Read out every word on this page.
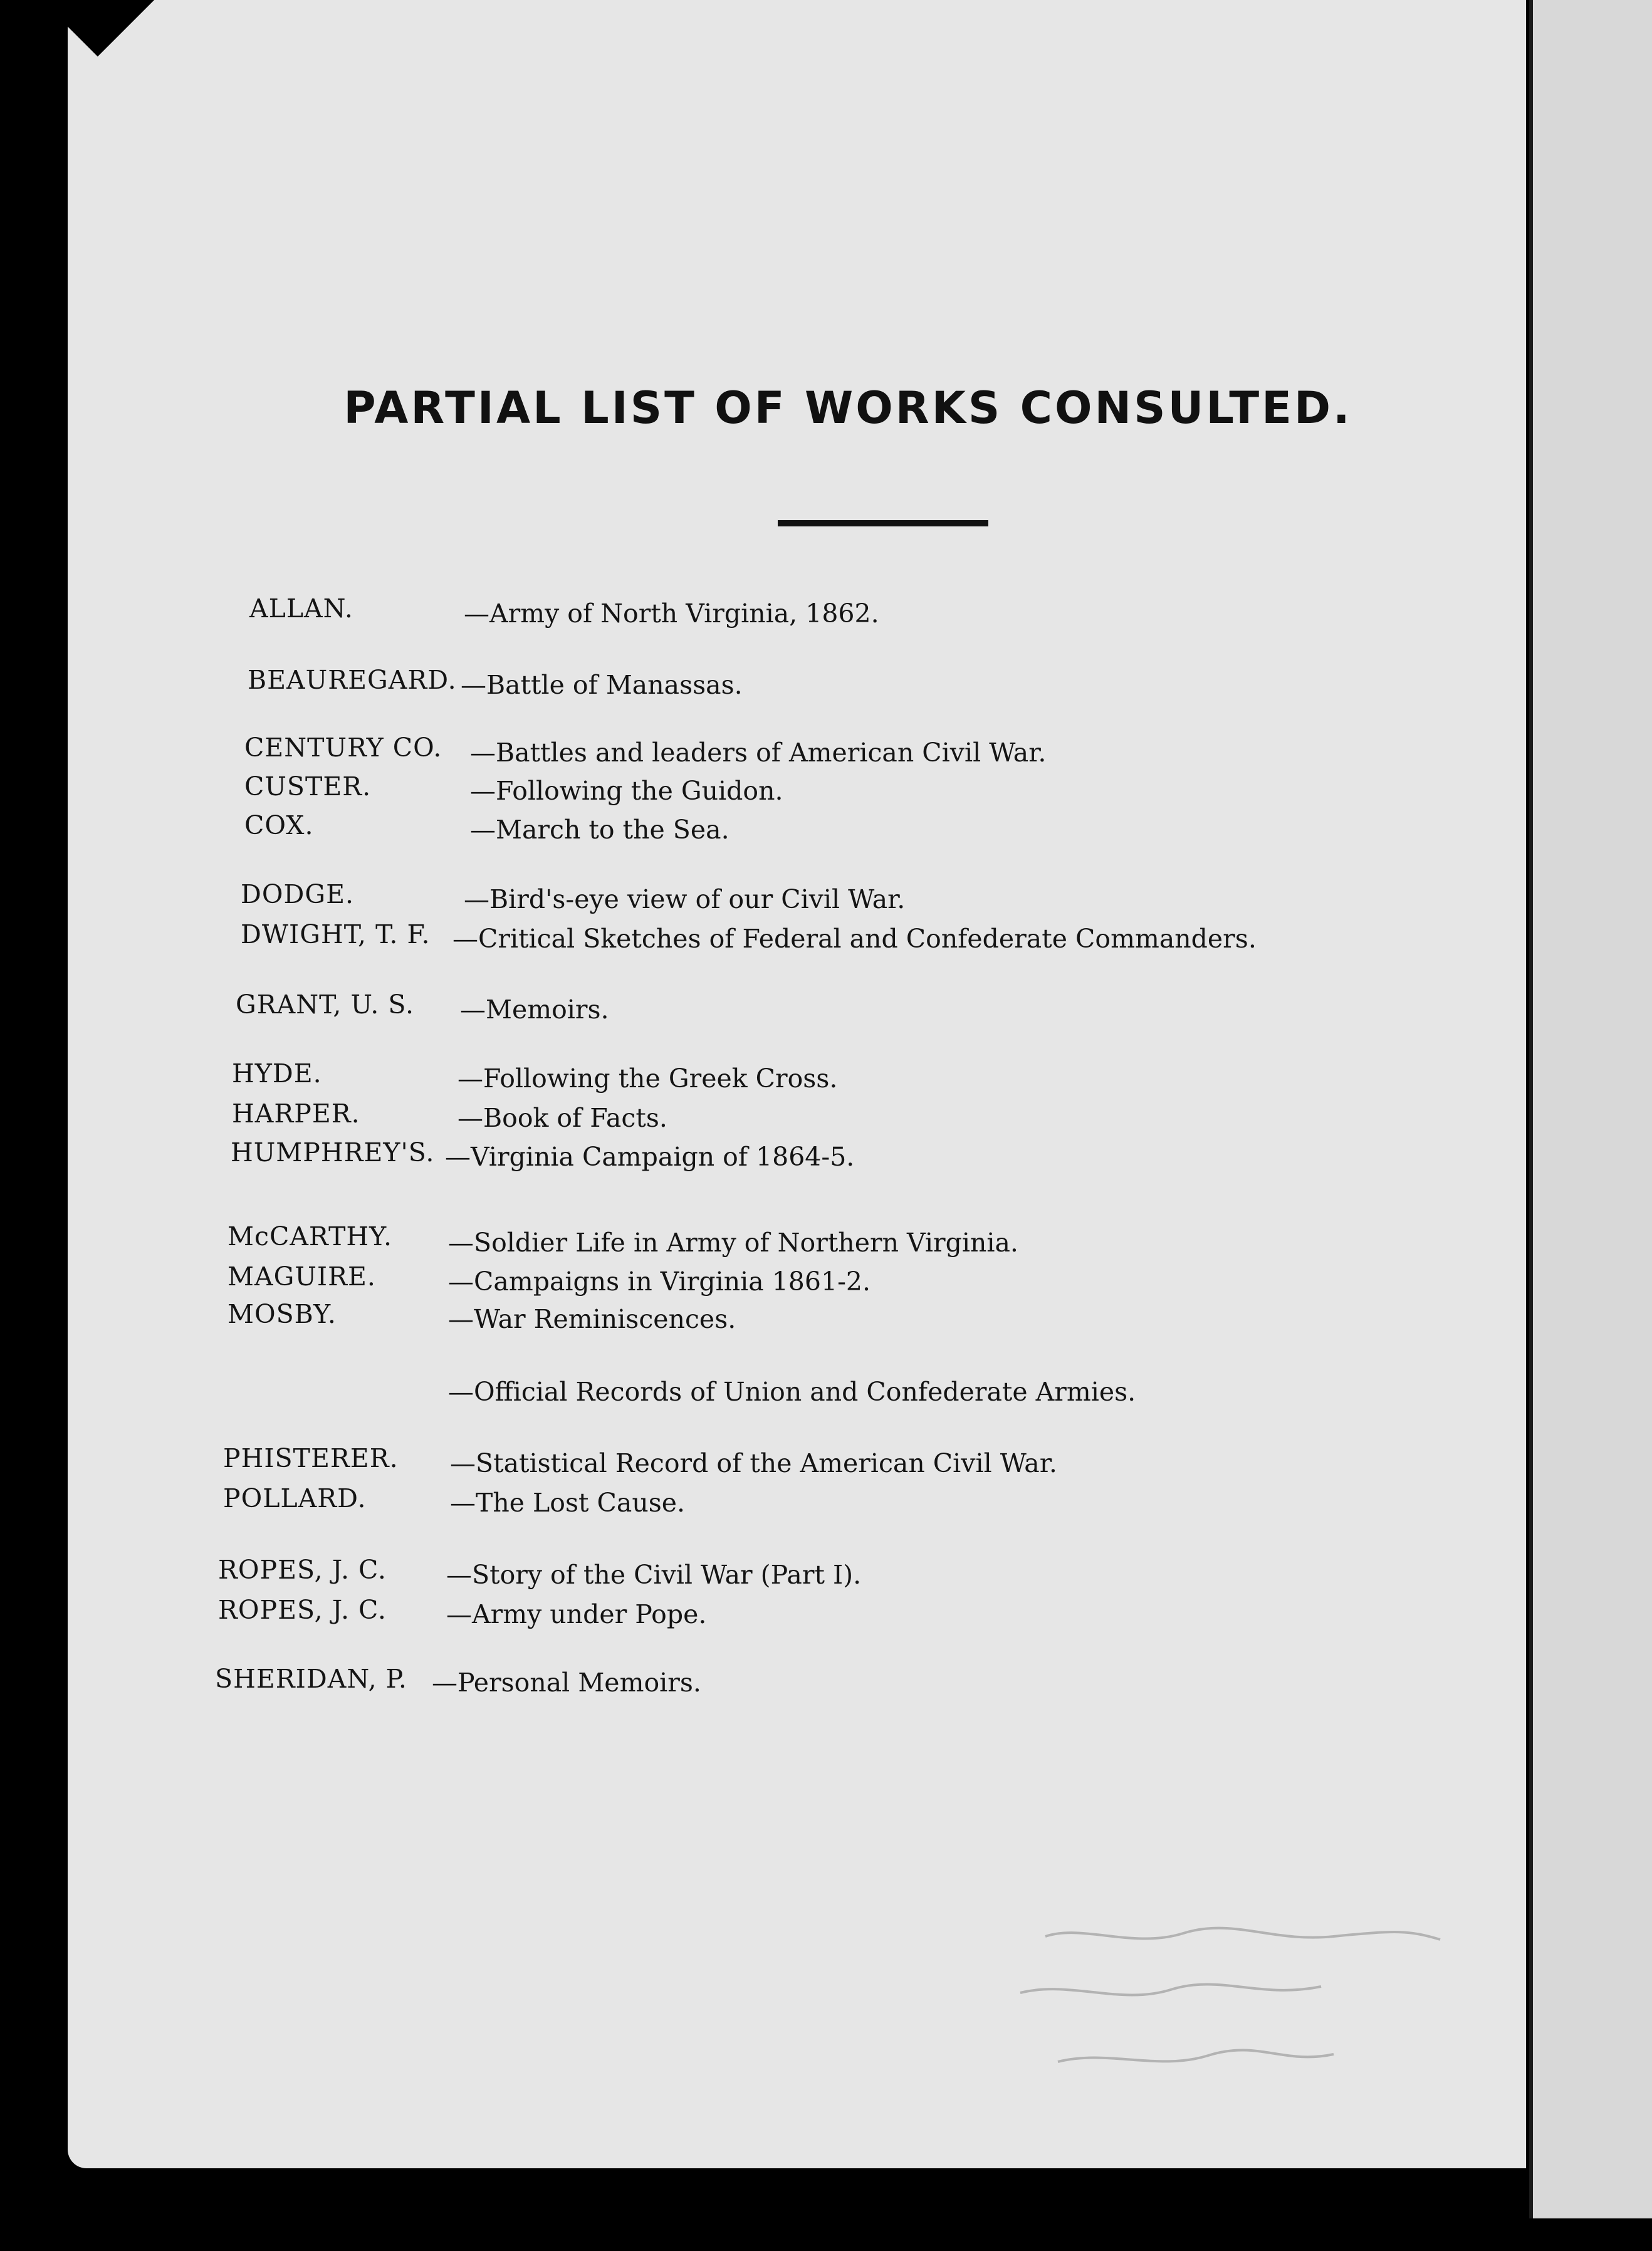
PARTIAL LIST OF WORKS CONSULTED.
ALLAN.	—Army of North Virginia, 1862.
BEAUREGARD. —Battle of Manassas.
CENTURY CO. —Battles and leaders of American Civil War.
CUSTER.	—Following the Guidon.
COX.	—March to the Sea.
DODGE.	—Bird's-eye view of our Civil War.
DWIGHT, T. F. —Critical Sketches of Federal and Confederate Commanders.
GRANT, U. S. —Memoirs.
HYDE.	—Following the Greek Cross.
HARPER.	—Book of Facts.
HUMPHREY'S. —Virginia Campaign of 1864-5.
McCARTHY. —Soldier Life in Army of Northern Virginia.
MAGUIRE.	—Campaigns in Virginia 1861-2.
MOSBY.	—War Reminiscences.
—Official Records of Union and Confederate Armies.
PHISTERER. —Statistical Record of the American Civil War.
POLLARD.	—The Lost Cause.
ROPES, J. C. —Story of the Civil War (Part I).
ROPES, J. C. —Army under Pope.
SHERIDAN, P. —Personal Memoirs.
